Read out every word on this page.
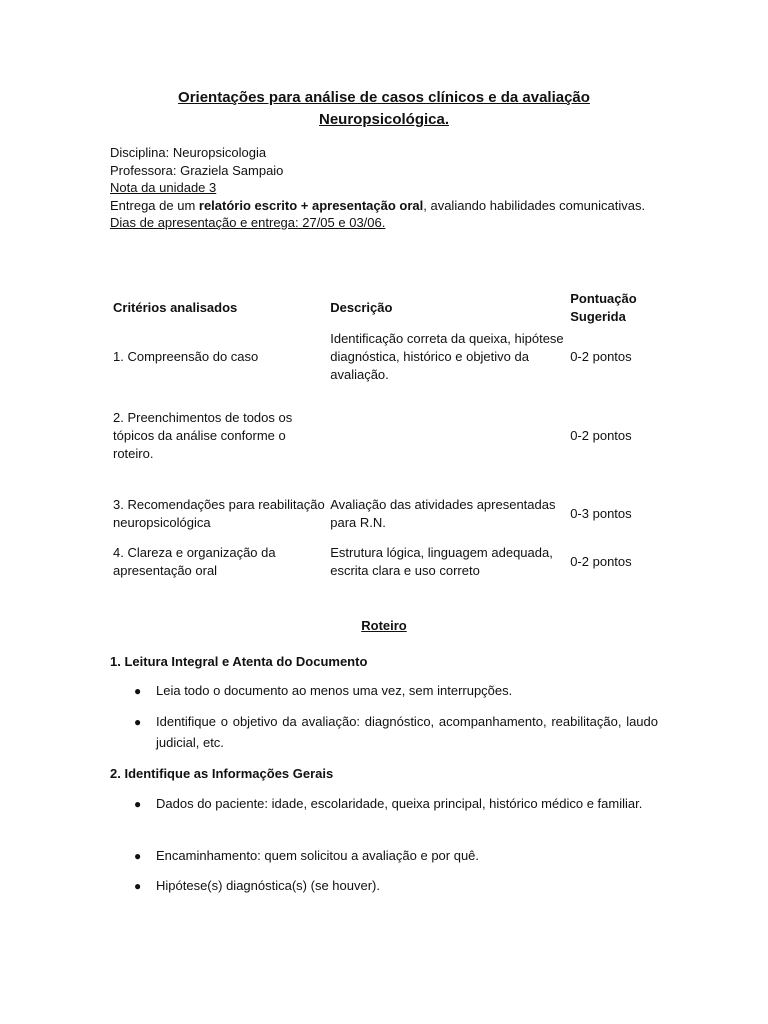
Orientações para análise de casos clínicos e da avaliação
Neuropsicológica.

Disciplina: Neuropsicologia

Professora: Graziela Sampaio

Nota da unidade 3

Entrega de um relatório escrito + apresentação oral, avaliando habilidades comunicativas.

Dias de apresentação e entrega: 27/05 e 03/06.

Critérios analisados	Descrição	Pontuação Sugerida
1. Compreensão do caso	Identificação correta da queixa, hipótese diagnóstica, histórico e objetivo da avaliação.	0-2 pontos
2. Preenchimentos de todos os tópicos da análise conforme o roteiro.		0-2 pontos
3. Recomendações para reabilitação neuropsicológica	Avaliação das atividades apresentadas para R.N.	0-3 pontos
4. Clareza e organização da apresentação oral	Estrutura lógica, linguagem adequada, escrita clara e uso correto	0-2 pontos
Roteiro
1. Leitura Integral e Atenta do Documento
●	Leia todo o documento ao menos uma vez, sem interrupções.
●	Identifique o objetivo da avaliação: diagnóstico, acompanhamento, reabilitação, laudo judicial, etc.
2. Identifique as Informações Gerais
●	Dados do paciente: idade, escolaridade, queixa principal, histórico médico e familiar.
●	Encaminhamento: quem solicitou a avaliação e por quê.
●	Hipótese(s) diagnóstica(s) (se houver).
